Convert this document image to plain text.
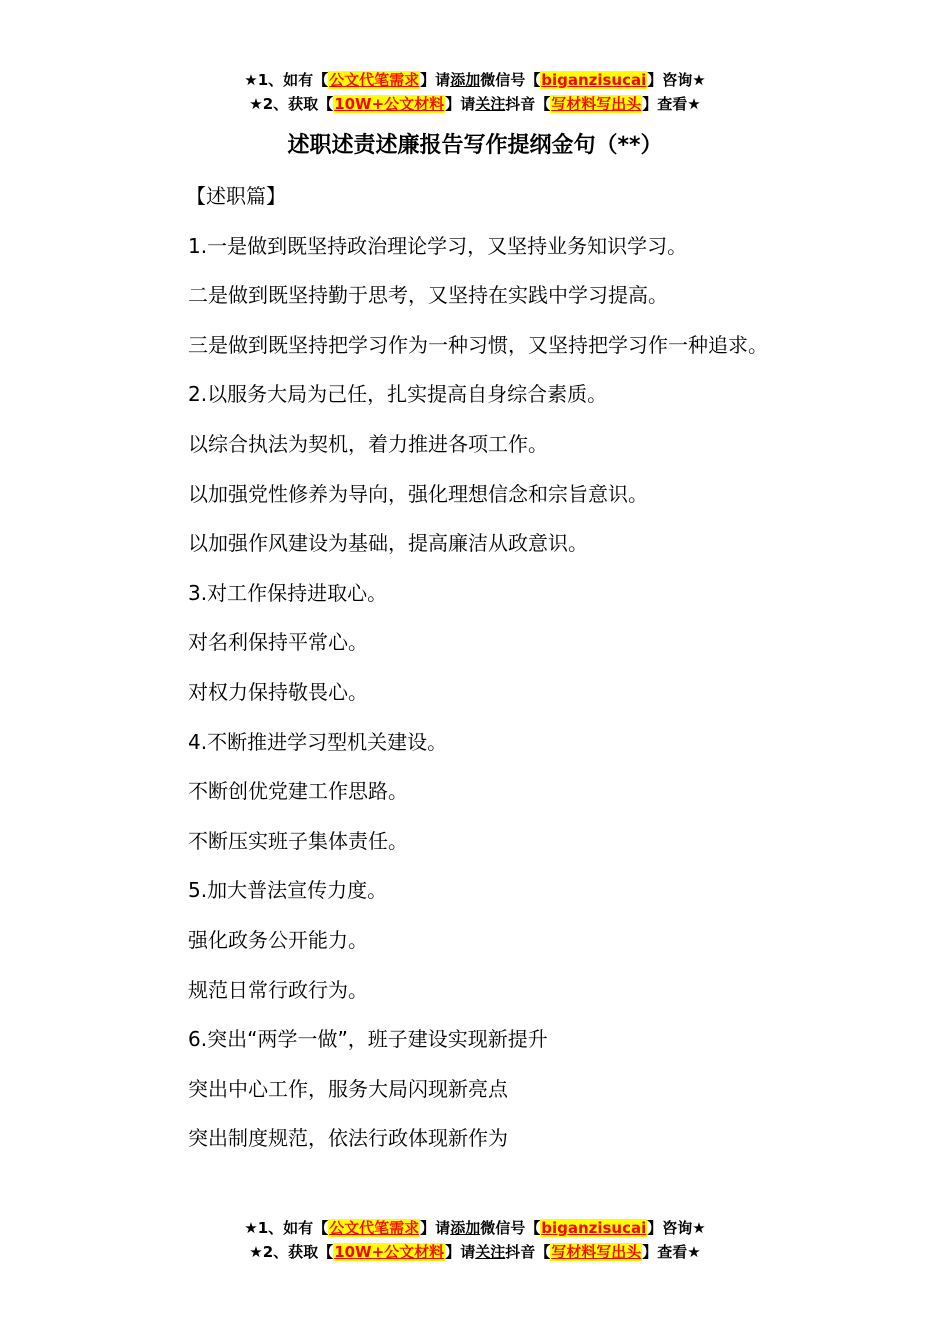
★1、如有【公文代笔需求】请添加微信号【biganzisucai】咨询★
★2、获取【10W+公文材料】请关注抖音【写材料写出头】查看★
述职述责述廉报告写作提纲金句（**）

【述职篇】

1.一是做到既坚持政治理论学习，又坚持业务知识学习。

二是做到既坚持勤于思考，又坚持在实践中学习提高。

三是做到既坚持把学习作为一种习惯，又坚持把学习作一种追求。

2.以服务大局为己任，扎实提高自身综合素质。

以综合执法为契机，着力推进各项工作。

以加强党性修养为导向，强化理想信念和宗旨意识。

以加强作风建设为基础，提高廉洁从政意识。

3.对工作保持进取心。

对名利保持平常心。

对权力保持敬畏心。

4.不断推进学习型机关建设。

不断创优党建工作思路。

不断压实班子集体责任。

5.加大普法宣传力度。

强化政务公开能力。

规范日常行政行为。

6.突出“两学一做”，班子建设实现新提升

突出中心工作，服务大局闪现新亮点

突出制度规范，依法行政体现新作为

★1、如有【公文代笔需求】请添加微信号【biganzisucai】咨询★
★2、获取【10W+公文材料】请关注抖音【写材料写出头】查看★
